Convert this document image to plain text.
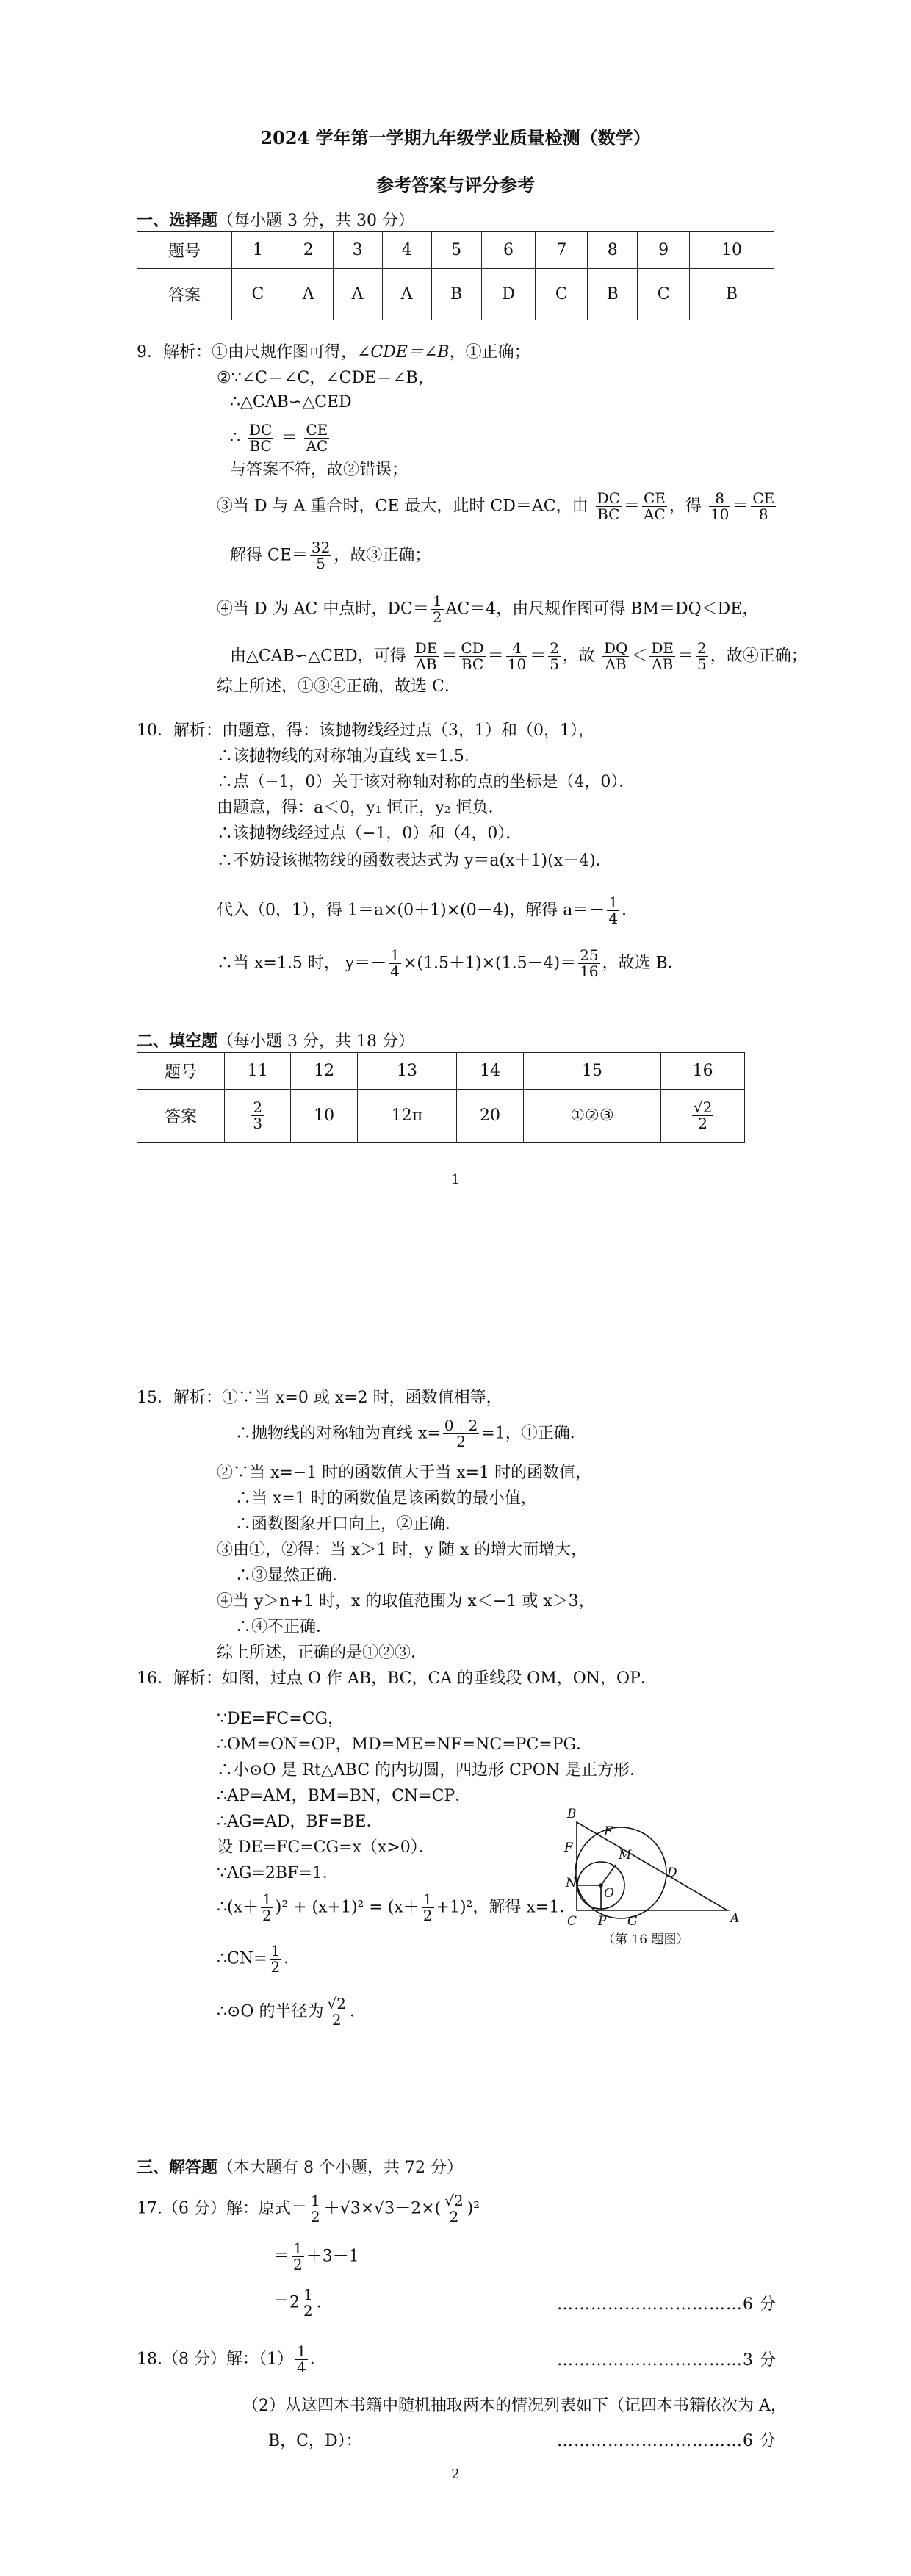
2024 学年第一学期九年级学业质量检测（数学）
参考答案与评分参考
一、选择题（每小题 3 分，共 30 分）
题号	1	2	3	4	5	6	7	8	9	10
答案	C	A	A	A	B	D	C	B	C	B
9．解析：①由尺规作图可得，∠CDE＝∠B，①正确；
②∵∠C＝∠C，∠CDE＝∠B，
∴△CAB∽△CED
∴ $\frac{DC}{BC} = \frac{CE}{AC}$
与答案不符，故②错误；
③当 D 与 A 重合时，CE 最大，此时 CD＝AC，由 $\frac{DC}{BC} = \frac{CE}{AC}$ ，得 $\frac{8}{10} = \frac{CE}{8}$
解得 $CE= \frac{32}{5}$ ，故③正确；
④当 D 为 AC 中点时，$DC= \frac{1}{2} AC=4$，由尺规作图可得 BM＝DQ＜DE，
由△CAB∽△CED，可得 $\frac{DE}{AB} = \frac{CD}{BC} = \frac{4}{10} = \frac{2}{5}$ ，故 $\frac{DQ}{AB} < \frac{DE}{AB} = \frac{2}{5}$ ，故④正确；
综上所述，①③④正确，故选 C．
10．解析：由题意，得：该抛物线经过点（3，1）和（0，1），
∴该抛物线的对称轴为直线 x=1.5．
∴点（−1，0）关于该对称轴对称的点的坐标是（4，0）．
由题意，得：a＜0，y₁ 恒正，y₂ 恒负．
∴该抛物线经过点（−1，0）和（4，0）．
∴不妨设该抛物线的函数表达式为 y＝a(x＋1)(x－4)．
代入（0，1），得 1＝a×(0＋1)×(0－4)，解得 $a=- \frac{1}{4}$ ．
∴当 x=1.5 时， $y=- \frac{1}{4} \times(1.5+1)\times(1.5-4)= \frac{25}{16}$ ，故选 B．
二、填空题（每小题 3 分，共 18 分）
题号	11	12	13	14	15	16
答案	$\frac{2}{3}$	10	12π	20	①②③	$\frac{√2}{2}$
1
15．解析：①∵当 x=0 或 x=2 时，函数值相等，
∴抛物线的对称轴为直线 $x= \frac{0+2}{2} =1$，①正确．
②∵当 x=−1 时的函数值大于当 x=1 时的函数值，
∴当 x=1 时的函数值是该函数的最小值，
∴函数图象开口向上，②正确．
③由①，②得：当 x＞1 时，y 随 x 的增大而增大，
∴③显然正确．
④当 y＞n+1 时，x 的取值范围为 x＜−1 或 x＞3，
∴④不正确．
综上所述，正确的是①②③．
16．解析：如图，过点 O 作 AB，BC，CA 的垂线段 OM，ON，OP．
∵DE=FC=CG，
∴OM=ON=OP，MD=ME=NF=NC=PC=PG．
∴小⊙O 是 Rt△ABC 的内切圆，四边形 CPON 是正方形．
∴AP=AM，BM=BN，CN=CP．
∴AG=AD，BF=BE．
设 DE=FC=CG=x（x>0）．
∵AG=2BF=1．
∴(x＋ $\frac{1}{2} )^2 + (x+1)^2 = (x+ \frac{1}{2} +1)^2$，解得 x=1．
∴CN= $\frac{1}{2}$ ．
∴⊙O 的半径为 $\frac{√2}{2}$ ．
B
E
F	M
D
N
O
C P G	A
（第 16 题图）
三、解答题（本大题有 8 个小题，共 72 分）
17.（6 分）解：原式＝ $\frac{1}{2} +√3\times√3-2\times( \frac{√2}{2} )^2$
＝ $\frac{1}{2} +3-1$
$=2 \frac{1}{2}$ ．	……………………………6 分
18.（8 分）解：$(1) \frac{1}{4}$ ．	……………………………3 分
（2）从这四本书籍中随机抽取两本的情况列表如下（记四本书籍依次为 A，
B，C，D）：	……………………………6 分
2
